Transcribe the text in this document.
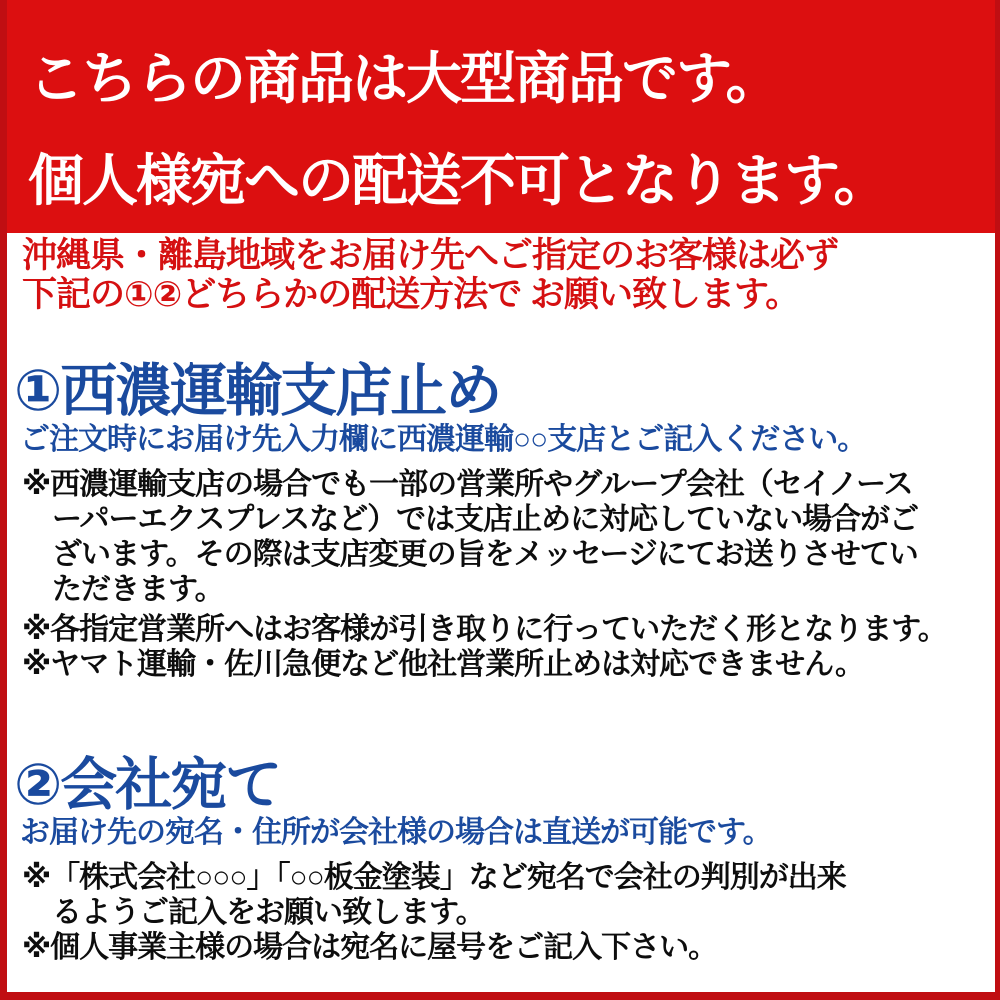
こちらの商品は大型商品です。
個人様宛への配送不可となります。
沖縄県・離島地域をお届け先へご指定のお客様は必ず
下記の①②どちらかの配送方法で お願い致します。
①西濃運輸支店止め
ご注文時にお届け先入力欄に西濃運輸○○支店とご記入ください。
※西濃運輸支店の場合でも一部の営業所やグループ会社（セイノース
ーパーエクスプレスなど）では支店止めに対応していない場合がご
ざいます。その際は支店変更の旨をメッセージにてお送りさせてい
ただきます。
※各指定営業所へはお客様が引き取りに行っていただく形となります。
※ヤマト運輸・佐川急便など他社営業所止めは対応できません。
②会社宛て
お届け先の宛名・住所が会社様の場合は直送が可能です。
※「株式会社○○○」「○○板金塗装」など宛名で会社の判別が出来
るようご記入をお願い致します。
※個人事業主様の場合は宛名に屋号をご記入下さい。
